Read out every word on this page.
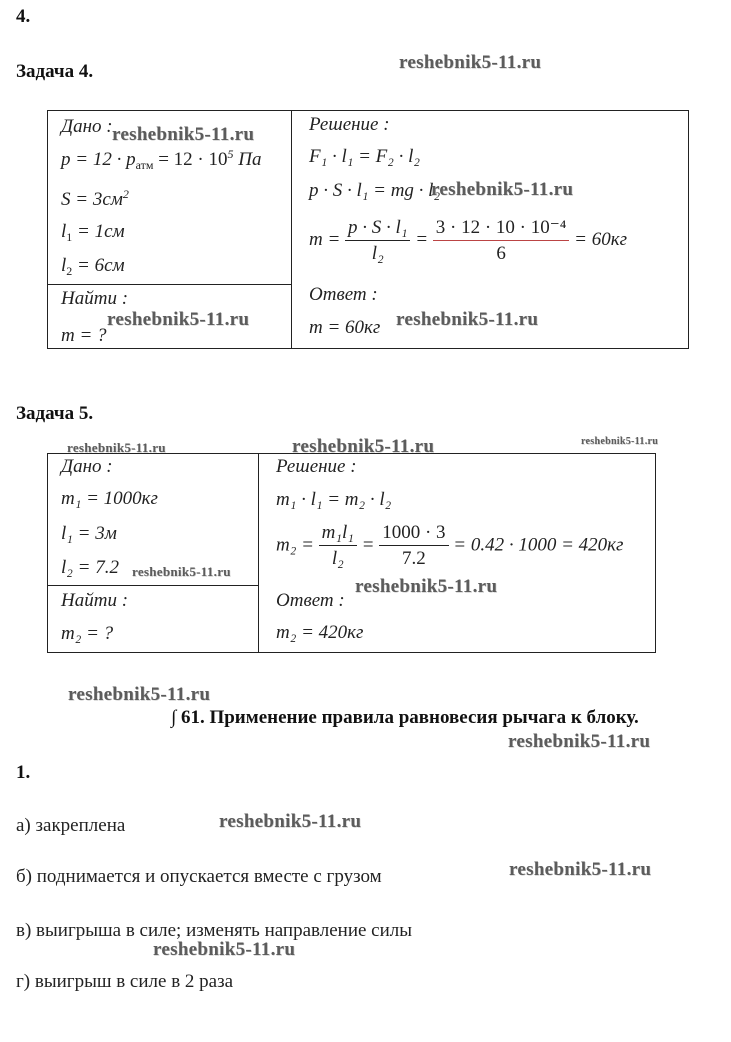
4.
Задача 4.
Дано :
$p = 12 \cdot p_{атм} = 12 \cdot 10^5$ Па
$S = 3см^2$
$l_1 = 1см$
$l_2 = 6см$
Найти :
m = ?
Решение :
F₁ · l₁ = F₂ · l₂
p · S · l₁ = mg · l₂
$m = \frac{\text{p · S · l₁}}{\text{l₂}} = \frac{\text{3 · 12 · 10 · 10⁻⁴}}{6} = 60кг$
Ответ :
m = 60кг
Задача 5.
Дано :
m₁ = 1000кг
l₁ = 3м
l₂ = 7.2
Найти :
m₂ = ?
Решение :
m₁ · l₁ = m₂ · l₂
$m_2 = \frac{\text{m₁l₁}}{\text{l₂}} = \frac{1000 \cdot 3}{7.2} = 0.42 \cdot 1000 = 420кг$
Ответ :
m₂ = 420кг
∫ 61. Применение правила равновесия рычага к блоку.
1.
а) закреплена
б) поднимается и опускается вместе с грузом
в) выигрыша в силе; изменять направление силы
г) выигрыш в силе в 2 раза
reshebnik5-11.ru
reshebnik5-11.ru
reshebnik5-11.ru
reshebnik5-11.ru	reshebnik5-11.ru
reshebnik5-11.ru	reshebnik5-11.ru	reshebnik5-11.ru
reshebnik5-11.ru
reshebnik5-11.ru
reshebnik5-11.ru
reshebnik5-11.ru
reshebnik5-11.ru
reshebnik5-11.ru
reshebnik5-11.ru
